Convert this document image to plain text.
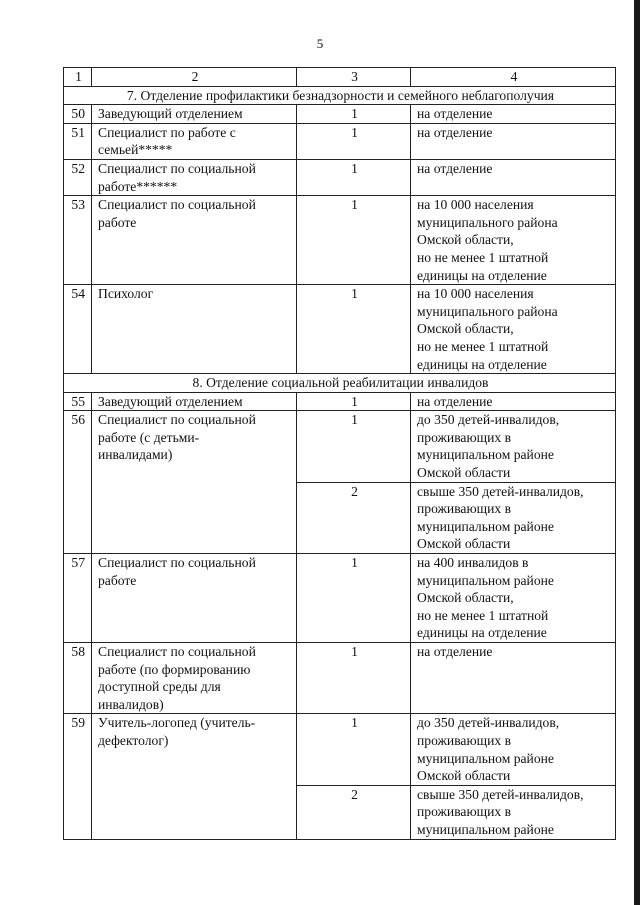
5
1	2	3	4
7. Отделение профилактики безнадзорности и семейного неблагополучия			
50	Заведующий отделением	1	на отделение
51	Специалист по работе с
семьей*****	1	на отделение
52	Специалист по социальной
работе******	1	на отделение
53	Специалист по социальной
работе	1	на 10 000 населения
муниципального района
Омской области,
но не менее 1 штатной
единицы на отделение
54	Психолог	1	на 10 000 населения
муниципального района
Омской области,
но не менее 1 штатной
единицы на отделение
8. Отделение социальной реабилитации инвалидов			
55	Заведующий отделением	1	на отделение
56	Специалист по социальной
работе (с детьми-
инвалидами)	1	до 350 детей-инвалидов,
проживающих в
муниципальном районе
Омской области
		2	свыше 350 детей-инвалидов,
проживающих в
муниципальном районе
Омской области
57	Специалист по социальной
работе	1	на 400 инвалидов в
муниципальном районе
Омской области,
но не менее 1 штатной
единицы на отделение
58	Специалист по социальной
работе (по формированию
доступной среды для
инвалидов)	1	на отделение
59	Учитель-логопед (учитель-
дефектолог)	1	до 350 детей-инвалидов,
проживающих в
муниципальном районе
Омской области
		2	свыше 350 детей-инвалидов,
проживающих в
муниципальном районе
